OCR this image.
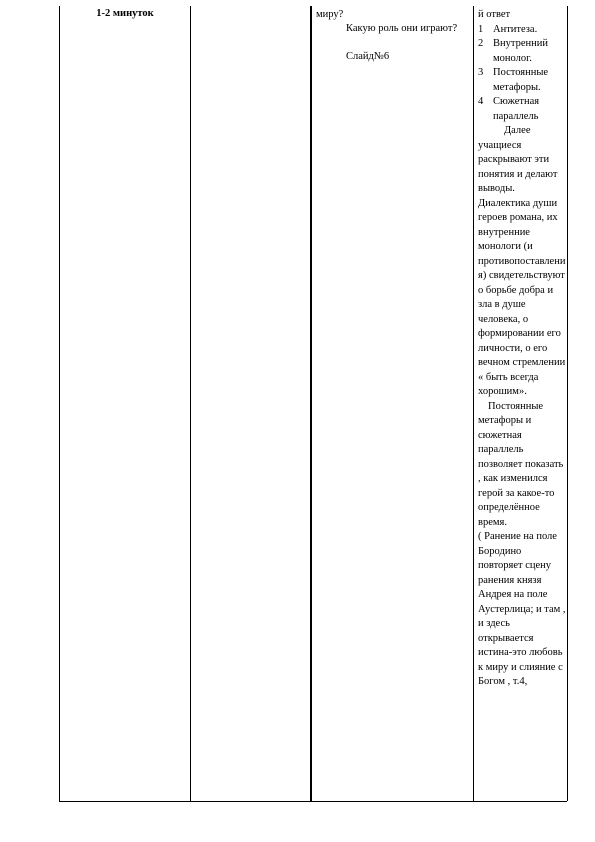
1-2 минуток	миру?
Какую роль они играют?
Слайд№6
й ответ
1 Антитеза.
2 Внутренний монолог.
3 Постоянные метафоры.
4 Сюжетная параллель
Далее учащиеся раскрывают эти понятия и делают выводы. Диалектика души героев романа, их внутренние монологи (и противопоставления) свидетельствуют о борьбе добра и зла в душе человека, о формировании его личности, о его вечном стремлении « быть всегда хорошим».
Постоянные метафоры и сюжетная параллель позволяет показать , как изменился герой за какое-то определённое время.
( Ранение на поле Бородино повторяет сцену ранения князя Андрея на поле Аустерлица; и там , и здесь открывается истина-это любовь к миру и слияние с Богом , т.4,
